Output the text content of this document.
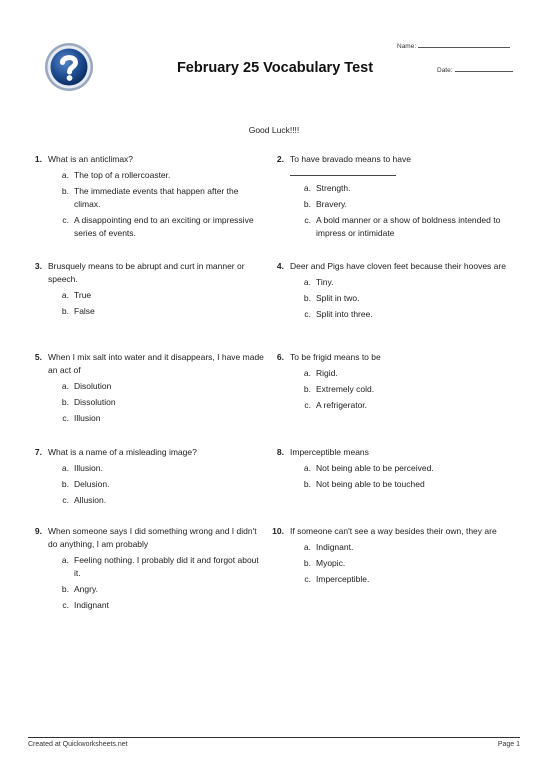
February 25 Vocabulary Test
Name:
Date:
Good Luck!!!!
1. What is an anticlimax?
a. The top of a rollercoaster.
b. The immediate events that happen after the climax.
c. A disappointing end to an exciting or impressive series of events.
2. To have bravado means to have
a. Strength.
b. Bravery.
c. A bold manner or a show of boldness intended to impress or intimidate
3. Brusquely means to be abrupt and curt in manner or speech.
a. True
b. False
4. Deer and Pigs have cloven feet because their hooves are
a. Tiny.
b. Split in two.
c. Split into three.
5. When I mix salt into water and it disappears, I have made an act of
a. Disolution
b. Dissolution
c. Illusion
6. To be frigid means to be
a. Rigid.
b. Extremely cold.
c. A refrigerator.
7. What is a name of a misleading image?
a. Illusion.
b. Delusion.
c. Allusion.
8. Imperceptible means
a. Not being able to be perceived.
b. Not being able to be touched
9. When someone says I did something wrong and I didn't do anything, I am probably
a. Feeling nothing. I probably did it and forgot about it.
b. Angry.
c. Indignant
10. If someone can't see a way besides their own, they are
a. Indignant.
b. Myopic.
c. Imperceptible.
Created at Quickworksheets.net	Page 1
